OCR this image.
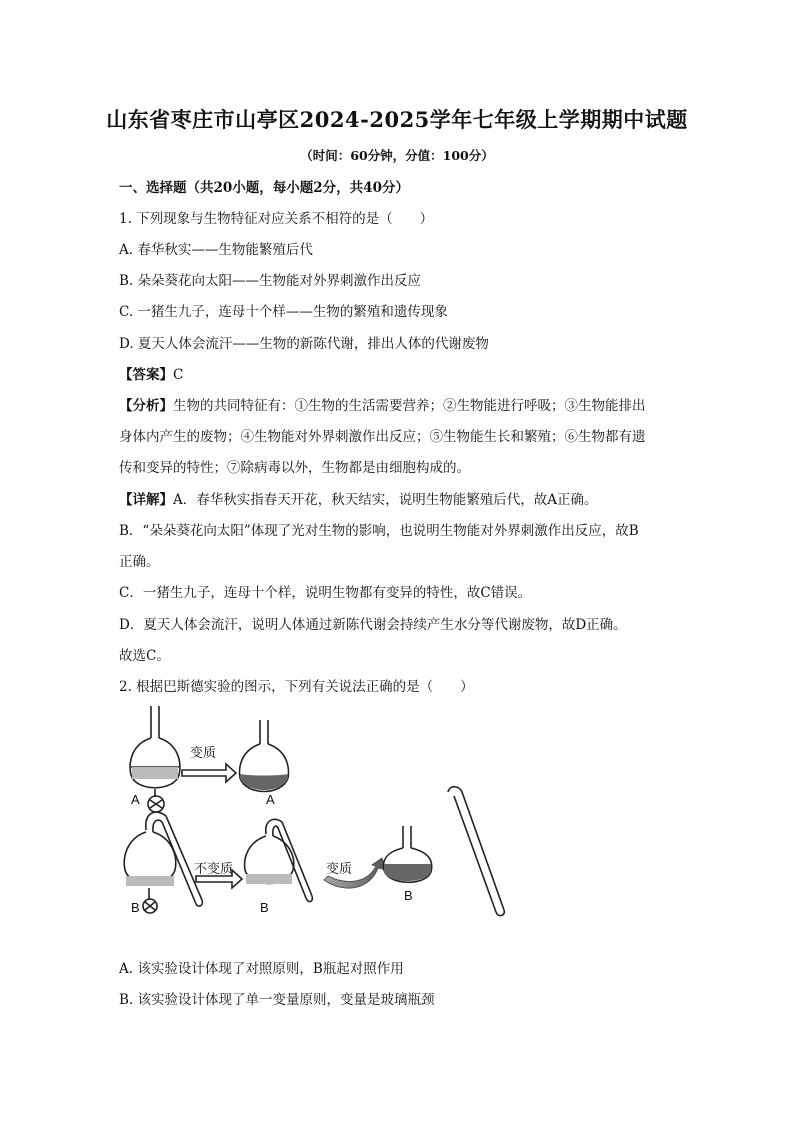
山东省枣庄市山亭区2024-2025学年七年级上学期期中试题
（时间：60分钟，分值：100分）
一、选择题（共20小题，每小题2分，共40分）
1. 下列现象与生物特征对应关系不相符的是（　　）
A. 春华秋实——生物能繁殖后代
B. 朵朵葵花向太阳——生物能对外界刺激作出反应
C. 一猪生九子，连母十个样——生物的繁殖和遗传现象
D. 夏天人体会流汗——生物的新陈代谢，排出人体的代谢废物
【答案】C
【分析】生物的共同特征有：①生物的生活需要营养；②生物能进行呼吸；③生物能排出
身体内产生的废物；④生物能对外界刺激作出反应；⑤生物能生长和繁殖；⑥生物都有遗
传和变异的特性；⑦除病毒以外，生物都是由细胞构成的。
【详解】A．春华秋实指春天开花，秋天结实，说明生物能繁殖后代，故A正确。
B．“朵朵葵花向太阳”体现了光对生物的影响，也说明生物能对外界刺激作出反应，故B
正确。
C．一猪生九子，连母十个样，说明生物都有变异的特性，故C错误。
D．夏天人体会流汗，说明人体通过新陈代谢会持续产生水分等代谢废物，故D正确。
故选C。
2. 根据巴斯德实验的图示，下列有关说法正确的是（　　）
变质
A	A
不变质
B	B
变质
B
A. 该实验设计体现了对照原则，B瓶起对照作用
B. 该实验设计体现了单一变量原则，变量是玻璃瓶颈
